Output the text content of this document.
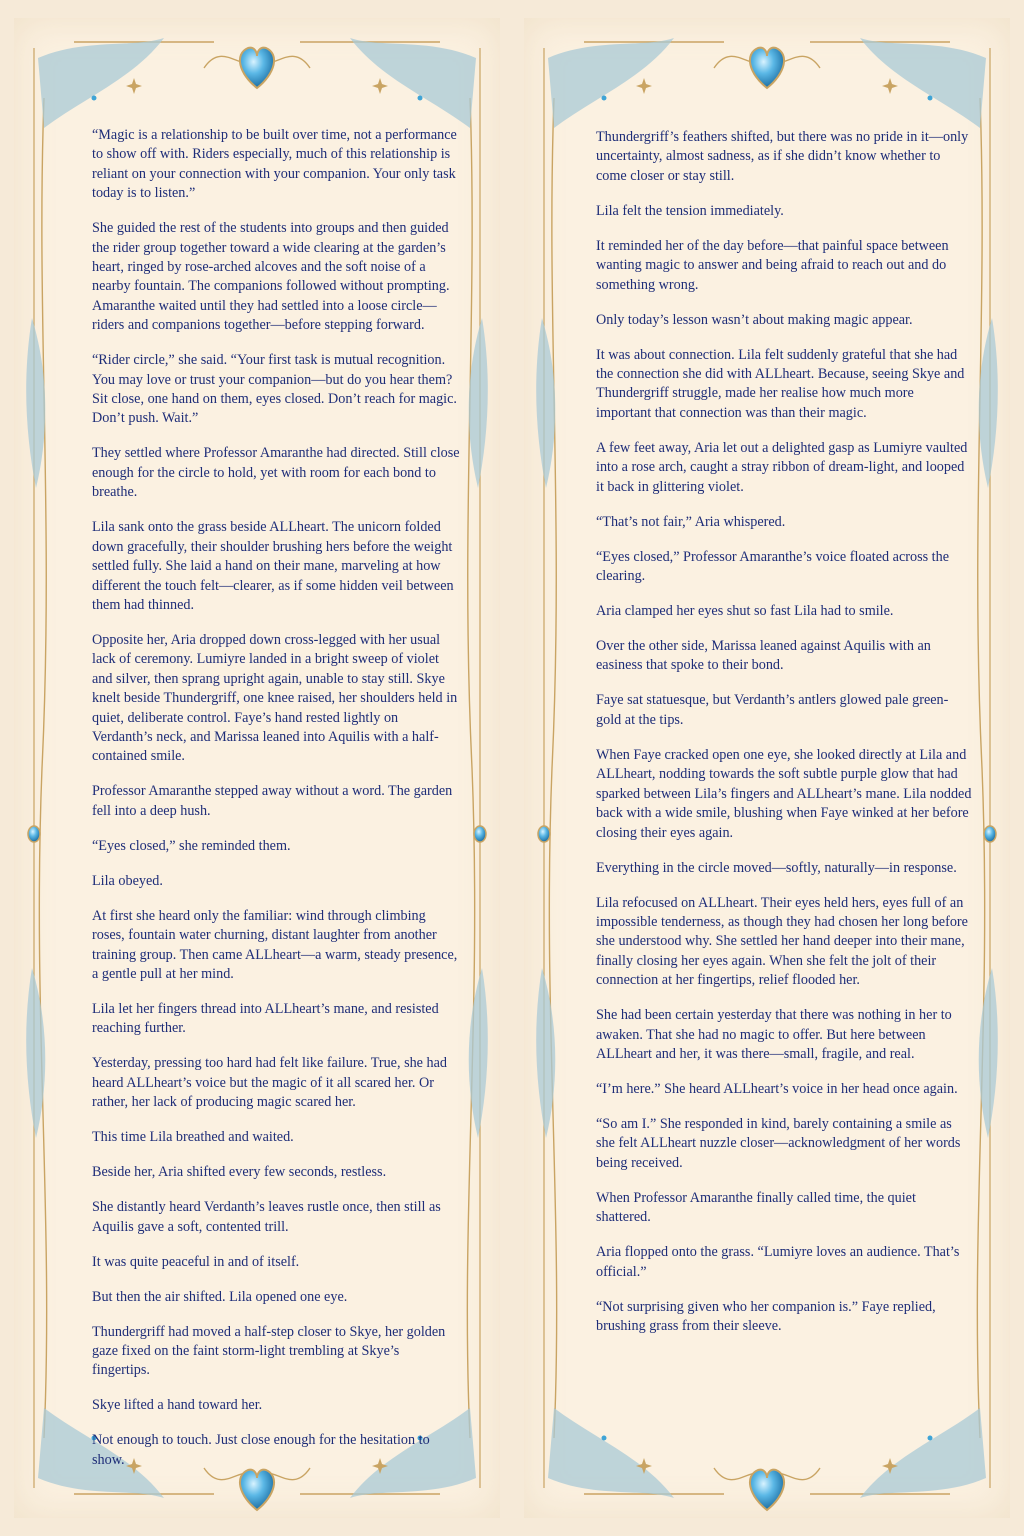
“Magic is a relationship to be built over time, not a performance to show off with. Riders especially, much of this relationship is reliant on your connection with your companion. Your only task today is to listen.”

She guided the rest of the students into groups and then guided the rider group together toward a wide clearing at the garden’s heart, ringed by rose-arched alcoves and the soft noise of a nearby fountain. The companions followed without prompting. Amaranthe waited until they had settled into a loose circle—riders and companions together—before stepping forward.

“Rider circle,” she said. “Your first task is mutual recognition. You may love or trust your companion—but do you hear them? Sit close, one hand on them, eyes closed. Don’t reach for magic. Don’t push. Wait.”

They settled where Professor Amaranthe had directed. Still close enough for the circle to hold, yet with room for each bond to breathe.

Lila sank onto the grass beside ALLheart. The unicorn folded down gracefully, their shoulder brushing hers before the weight settled fully. She laid a hand on their mane, marveling at how different the touch felt—clearer, as if some hidden veil between them had thinned.

Opposite her, Aria dropped down cross-legged with her usual lack of ceremony. Lumiyre landed in a bright sweep of violet and silver, then sprang upright again, unable to stay still. Skye knelt beside Thundergriff, one knee raised, her shoulders held in quiet, deliberate control. Faye’s hand rested lightly on Verdanth’s neck, and Marissa leaned into Aquilis with a half-contained smile.

Professor Amaranthe stepped away without a word. The garden fell into a deep hush.

“Eyes closed,” she reminded them.

Lila obeyed.

At first she heard only the familiar: wind through climbing roses, fountain water churning, distant laughter from another training group. Then came ALLheart—a warm, steady presence, a gentle pull at her mind.

Lila let her fingers thread into ALLheart’s mane, and resisted reaching further.

Yesterday, pressing too hard had felt like failure. True, she had heard ALLheart’s voice but the magic of it all scared her. Or rather, her lack of producing magic scared her.

This time Lila breathed and waited.

Beside her, Aria shifted every few seconds, restless.

She distantly heard Verdanth’s leaves rustle once, then still as Aquilis gave a soft, contented trill.

It was quite peaceful in and of itself.

But then the air shifted. Lila opened one eye.

Thundergriff had moved a half-step closer to Skye, her golden gaze fixed on the faint storm-light trembling at Skye’s fingertips.

Skye lifted a hand toward her.

Not enough to touch. Just close enough for the hesitation to show.

Thundergriff’s feathers shifted, but there was no pride in it—only uncertainty, almost sadness, as if she didn’t know whether to come closer or stay still.

Lila felt the tension immediately.

It reminded her of the day before—that painful space between wanting magic to answer and being afraid to reach out and do something wrong.

Only today’s lesson wasn’t about making magic appear.

It was about connection. Lila felt suddenly grateful that she had the connection she did with ALLheart. Because, seeing Skye and Thundergriff struggle, made her realise how much more important that connection was than their magic.

A few feet away, Aria let out a delighted gasp as Lumiyre vaulted into a rose arch, caught a stray ribbon of dream-light, and looped it back in glittering violet.

“That’s not fair,” Aria whispered.

“Eyes closed,” Professor Amaranthe’s voice floated across the clearing.

Aria clamped her eyes shut so fast Lila had to smile.

Over the other side, Marissa leaned against Aquilis with an easiness that spoke to their bond.

Faye sat statuesque, but Verdanth’s antlers glowed pale green-gold at the tips.

When Faye cracked open one eye, she looked directly at Lila and ALLheart, nodding towards the soft subtle purple glow that had sparked between Lila’s fingers and ALLheart’s mane. Lila nodded back with a wide smile, blushing when Faye winked at her before closing their eyes again.

Everything in the circle moved—softly, naturally—in response.

Lila refocused on ALLheart. Their eyes held hers, eyes full of an impossible tenderness, as though they had chosen her long before she understood why. She settled her hand deeper into their mane, finally closing her eyes again. When she felt the jolt of their connection at her fingertips, relief flooded her.

She had been certain yesterday that there was nothing in her to awaken. That she had no magic to offer. But here between ALLheart and her, it was there—small, fragile, and real.

“I’m here.” She heard ALLheart’s voice in her head once again.

“So am I.” She responded in kind, barely containing a smile as she felt ALLheart nuzzle closer—acknowledgment of her words being received.

When Professor Amaranthe finally called time, the quiet shattered.

Aria flopped onto the grass. “Lumiyre loves an audience. That’s official.”

“Not surprising given who her companion is.” Faye replied, brushing grass from their sleeve.
